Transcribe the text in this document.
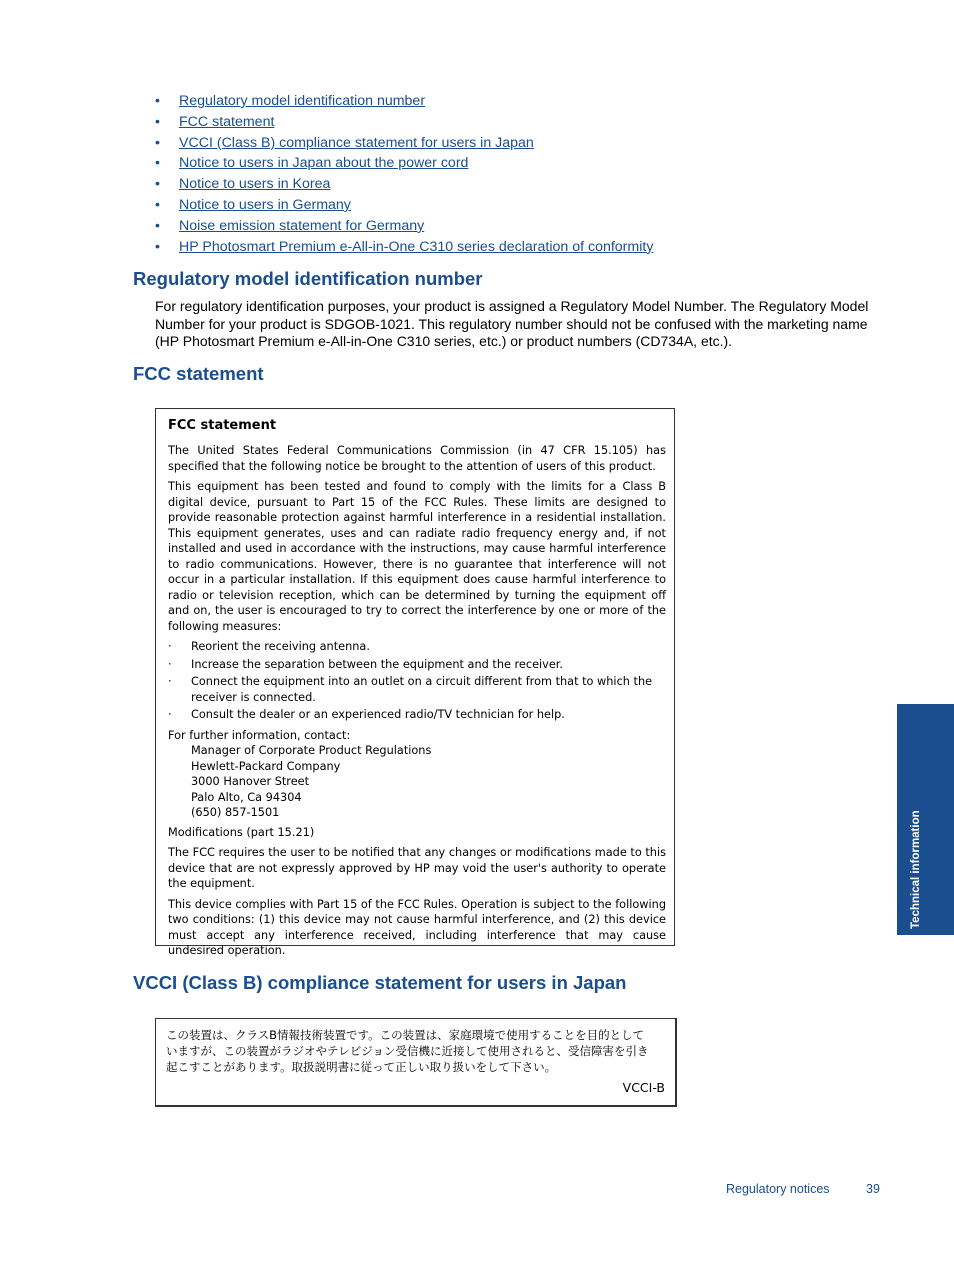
• Regulatory model identification number
• FCC statement
• VCCI (Class B) compliance statement for users in Japan
• Notice to users in Japan about the power cord
• Notice to users in Korea
• Notice to users in Germany
• Noise emission statement for Germany
• HP Photosmart Premium e-All-in-One C310 series declaration of conformity
Regulatory model identification number

For regulatory identification purposes, your product is assigned a Regulatory Model Number. The Regulatory Model Number for your product is SDGOB-1021. This regulatory number should not be confused with the marketing name (HP Photosmart Premium e-All-in-One C310 series, etc.) or product numbers (CD734A, etc.).

FCC statement
FCC statement

The United States Federal Communications Commission (in 47 CFR 15.105) has specified that the following notice be brought to the attention of users of this product.

This equipment has been tested and found to comply with the limits for a Class B digital device, pursuant to Part 15 of the FCC Rules. These limits are designed to provide reasonable protection against harmful interference in a residential installation. This equipment generates, uses and can radiate radio frequency energy and, if not installed and used in accordance with the instructions, may cause harmful interference to radio communications. However, there is no guarantee that interference will not occur in a particular installation. If this equipment does cause harmful interference to radio or television reception, which can be determined by turning the equipment off and on, the user is encouraged to try to correct the interference by one or more of the following measures:

· Reorient the receiving antenna.
· Increase the separation between the equipment and the receiver.
· Connect the equipment into an outlet on a circuit different from that to which the receiver is connected.
· Consult the dealer or an experienced radio/TV technician for help.

For further information, contact:

Manager of Corporate Product Regulations
Hewlett-Packard Company
3000 Hanover Street
Palo Alto, Ca 94304
(650) 857-1501

Modifications (part 15.21)

The FCC requires the user to be notified that any changes or modifications made to this device that are not expressly approved by HP may void the user's authority to operate the equipment.

This device complies with Part 15 of the FCC Rules. Operation is subject to the following two conditions: (1) this device may not cause harmful interference, and (2) this device must accept any interference received, including interference that may cause undesired operation.

VCCI (Class B) compliance statement for users in Japan
この装置は、クラスB情報技術装置です。この装置は、家庭環境で使用することを目的として
いますが、この装置がラジオやテレビジョン受信機に近接して使用されると、受信障害を引き
起こすことがあります。取扱説明書に従って正しい取り扱いをして下さい。
VCCI-B
Technical information
Regulatory notices	39
